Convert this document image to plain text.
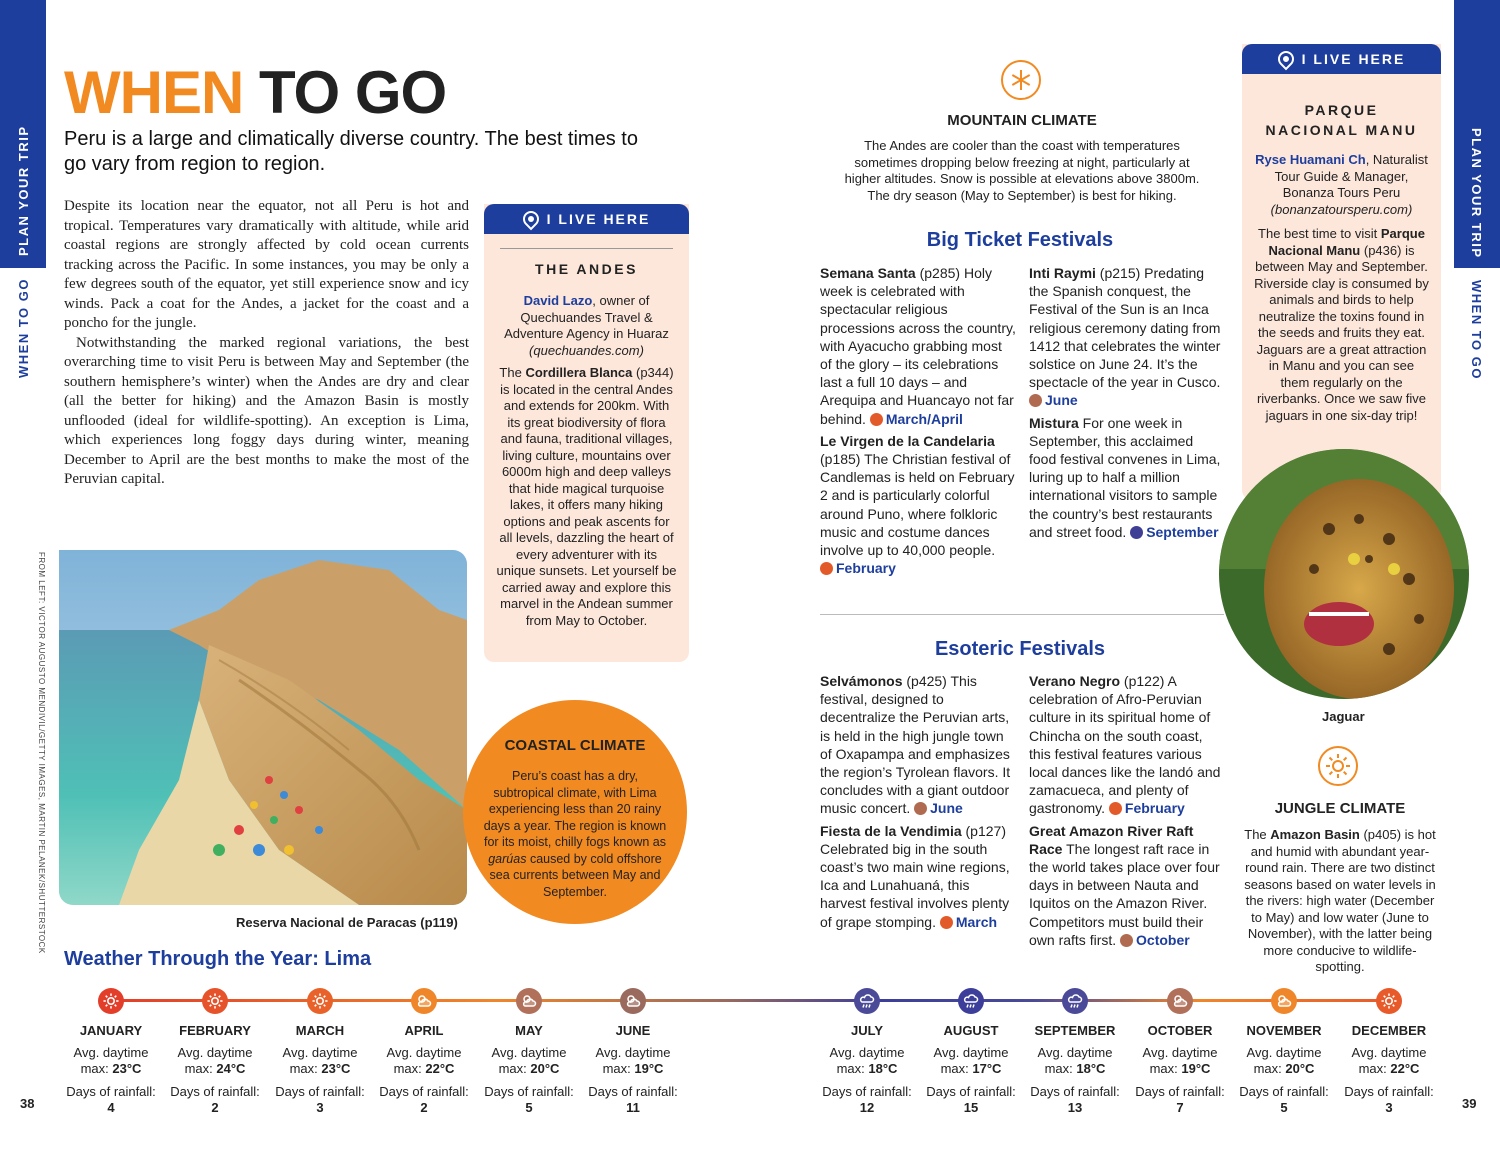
PLAN YOUR TRIP
WHEN TO GO
PLAN YOUR TRIP
WHEN TO GO
WHEN TO GO
Peru is a large and climatically diverse country. The best times to go vary from region to region.

Despite its location near the equator, not all Peru is hot and tropical. Temperatures vary dramatically with altitude, while arid coastal regions are strongly affected by cold ocean currents tracking across the Pacific. In some instances, you may be only a few degrees south of the equator, yet still experience snow and icy winds. Pack a coat for the Andes, a jacket for the coast and a poncho for the jungle.

Notwithstanding the marked regional variations, the best overarching time to visit Peru is between May and September (the southern hemisphere’s winter) when the Andes are dry and clear (all the better for hiking) and the Amazon Basin is mostly unflooded (ideal for wildlife-spotting). An exception is Lima, which experiences long foggy days during winter, meaning December to April are the best months to make the most of the Peruvian capital.

I LIVE HERE
THE ANDES
David Lazo, owner of Quechuandes Travel & Adventure Agency in Huaraz
(quechuandes.com)
The Cordillera Blanca (p344) is located in the central Andes and extends for 200km. With its great biodiversity of flora and fauna, traditional villages, living culture, mountains over 6000m high and deep valleys that hide magical turquoise lakes, it offers many hiking options and peak ascents for all levels, dazzling the heart of every adventurer with its unique sunsets. Let yourself be carried away and explore this marvel in the Andean summer from May to October.
FROM LEFT: VICTOR AUGUSTO MENDIVIL/GETTY IMAGES, MARTIN PELANEK/SHUTTERSTOCK	Reserva Nacional de Paracas (p119)
COASTAL CLIMATE
Peru’s coast has a dry, subtropical climate, with Lima experiencing less than 20 rainy days a year. The region is known for its moist, chilly fogs known as garúas caused by cold offshore sea currents between May and September.
MOUNTAIN CLIMATE
The Andes are cooler than the coast with temperatures sometimes dropping below freezing at night, particularly at higher altitudes. Snow is possible at elevations above 3800m. The dry season (May to September) is best for hiking.
Big Ticket Festivals

Semana Santa (p285) Holy week is celebrated with spectacular religious processions across the country, with Ayacucho grabbing most of the glory – its celebrations last a full 10 days – and Arequipa and Huancayo not far behind. March/April

Le Virgen de la Candelaria (p185) The Christian festival of Candlemas is held on February 2 and is particularly colorful around Puno, where folkloric music and costume dances involve up to 40,000 people. February

Inti Raymi (p215) Predating the Spanish conquest, the Festival of the Sun is an Inca religious ceremony dating from 1412 that celebrates the winter solstice on June 24. It’s the spectacle of the year in Cusco. June

Mistura For one week in September, this acclaimed food festival convenes in Lima, luring up to half a million international visitors to sample the country’s best restaurants and street food. September

Esoteric Festivals

Selvámonos (p425) This festival, designed to decentralize the Peruvian arts, is held in the high jungle town of Oxapampa and emphasizes the region’s Tyrolean flavors. It concludes with a giant outdoor music concert. June

Fiesta de la Vendimia (p127) Celebrated big in the south coast’s two main wine regions, Ica and Lunahuaná, this harvest festival involves plenty of grape stomping. March

Verano Negro (p122) A celebration of Afro-Peruvian culture in its spiritual home of Chincha on the south coast, this festival features various local dances like the landó and zamacueca, and plenty of gastronomy. February

Great Amazon River Raft Race The longest raft race in the world takes place over four days in between Nauta and Iquitos on the Amazon River. Competitors must build their own rafts first. October

I LIVE HERE
PARQUE NACIONAL MANU
Ryse Huamani Ch, Naturalist Tour Guide & Manager, Bonanza Tours Peru
(bonanzatoursperu.com)
The best time to visit Parque Nacional Manu (p436) is between May and September. Riverside clay is consumed by animals and birds to help neutralize the toxins found in the seeds and fruits they eat. Jaguars are a great attraction in Manu and you can see them regularly on the riverbanks. Once we saw five jaguars in one six-day trip!
Jaguar
JUNGLE CLIMATE
The Amazon Basin (p405) is hot and humid with abundant year-round rain. There are two distinct seasons based on water levels in the rivers: high water (December to May) and low water (June to November), with the latter being more conducive to wildlife-spotting.
Weather Through the Year: Lima
JANUARY
Avg. daytime
max: 23°C
Days of rainfall:
4
FEBRUARY
Avg. daytime
max: 24°C
Days of rainfall:
2
MARCH
Avg. daytime
max: 23°C
Days of rainfall:
3
APRIL
Avg. daytime
max: 22°C
Days of rainfall:
2
MAY
Avg. daytime
max: 20°C
Days of rainfall:
5
JUNE
Avg. daytime
max: 19°C
Days of rainfall:
11
JULY
Avg. daytime
max: 18°C
Days of rainfall:
12
AUGUST
Avg. daytime
max: 17°C
Days of rainfall:
15
SEPTEMBER
Avg. daytime
max: 18°C
Days of rainfall:
13
OCTOBER
Avg. daytime
max: 19°C
Days of rainfall:
7
NOVEMBER
Avg. daytime
max: 20°C
Days of rainfall:
5
DECEMBER
Avg. daytime
max: 22°C
Days of rainfall:
3
38	39
